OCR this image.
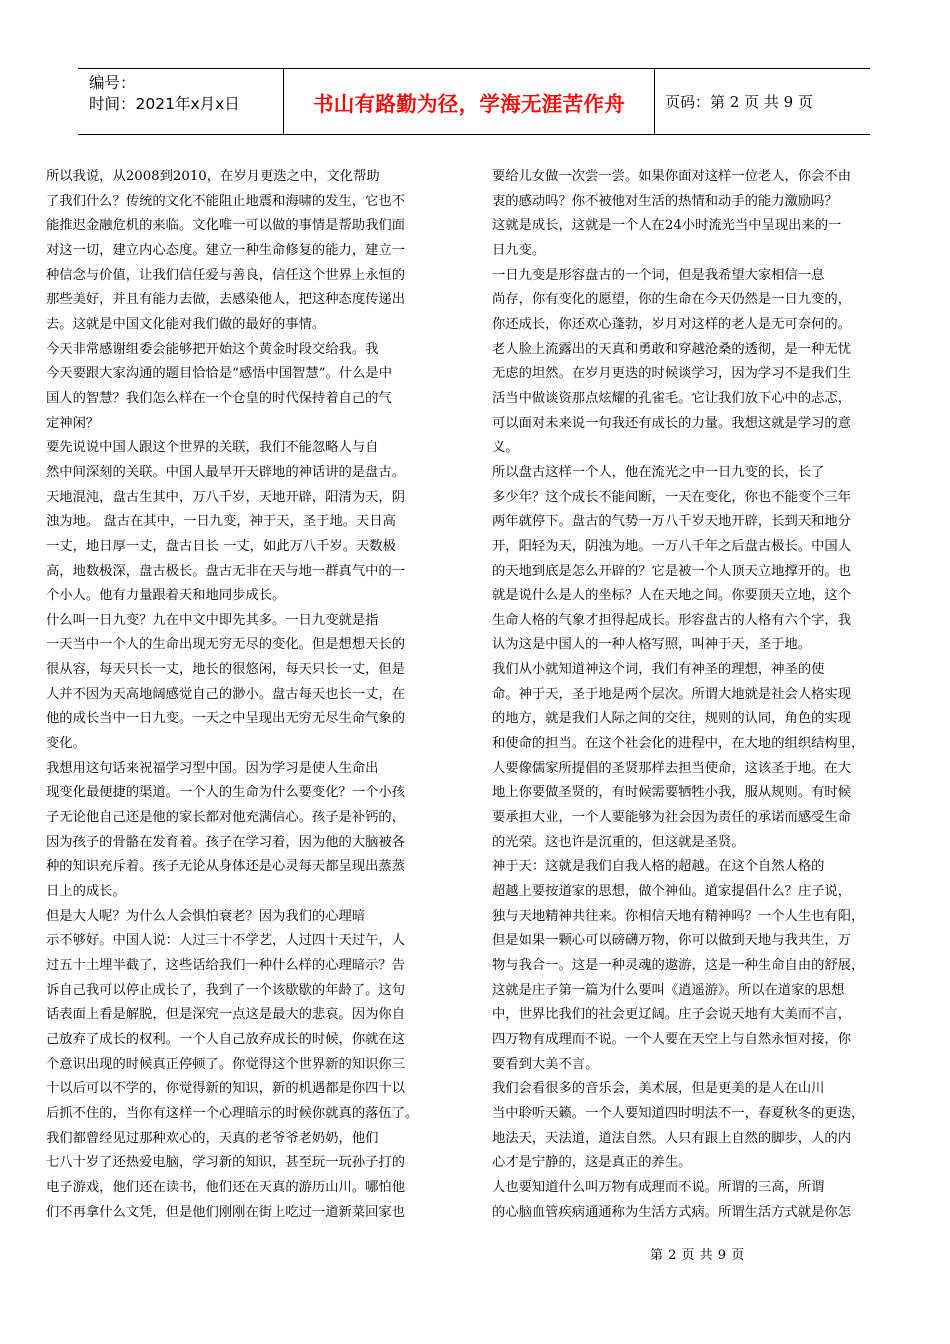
编号：
时间：2021年x月x日	书山有路勤为径，学海无涯苦作舟	页码：第 2 页 共 9 页
所以我说，从2008到2010，在岁月更迭之中，文化帮助
了我们什么？传统的文化不能阻止地震和海啸的发生，它也不
能推迟金融危机的来临。文化唯一可以做的事情是帮助我们面
对这一切，建立内心态度。建立一种生命修复的能力，建立一
种信念与价值，让我们信任爱与善良，信任这个世界上永恒的
那些美好，并且有能力去做，去感染他人，把这种态度传递出
去。这就是中国文化能对我们做的最好的事情。
今天非常感谢组委会能够把开始这个黄金时段交给我。我
今天要跟大家沟通的题目恰恰是“感悟中国智慧”。什么是中
国人的智慧？我们怎么样在一个仓皇的时代保持着自己的气
定神闲？
要先说说中国人跟这个世界的关联，我们不能忽略人与自
然中间深刻的关联。中国人最早开天辟地的神话讲的是盘古。
天地混沌，盘古生其中，万八千岁，天地开辟，阳清为天，阴
浊为地。 盘古在其中，一日九变，神于天，圣于地。天日高
一丈，地日厚一丈，盘古日长 一丈，如此万八千岁。天数极
高，地数极深，盘古极长。盘古无非在天与地一群真气中的一
个小人。他有力量跟着天和地同步成长。
什么叫一日九变？九在中文中即先其多。一日九变就是指
一天当中一个人的生命出现无穷无尽的变化。但是想想天长的
很从容，每天只长一丈，地长的很悠闲，每天只长一丈，但是
人并不因为天高地阔感觉自己的渺小。盘古每天也长一丈，在
他的成长当中一日九变。一天之中呈现出无穷无尽生命气象的
变化。
我想用这句话来祝福学习型中国。因为学习是使人生命出
现变化最便捷的渠道。一个人的生命为什么要变化？一个小孩
子无论他自己还是他的家长都对他充满信心。孩子是补钙的，
因为孩子的骨骼在发育着。孩子在学习着，因为他的大脑被各
种的知识充斥着。孩子无论从身体还是心灵每天都呈现出蒸蒸
日上的成长。
但是大人呢？为什么人会惧怕衰老？因为我们的心理暗
示不够好。中国人说：人过三十不学艺，人过四十天过午，人
过五十土埋半截了，这些话给我们一种什么样的心理暗示？告
诉自己我可以停止成长了，我到了一个该歇歇的年龄了。这句
话表面上看是解脱，但是深究一点这是最大的悲哀。因为你自
己放弃了成长的权利。一个人自己放弃成长的时候，你就在这
个意识出现的时候真正停顿了。你觉得这个世界新的知识你三
十以后可以不学的，你觉得新的知识，新的机遇都是你四十以
后抓不住的，当你有这样一个心理暗示的时候你就真的落伍了。
我们都曾经见过那种欢心的，天真的老爷爷老奶奶，他们
七八十岁了还热爱电脑，学习新的知识，甚至玩一玩孙子打的
电子游戏，他们还在读书，他们还在天真的游历山川。哪怕他
们不再拿什么文凭，但是他们刚刚在街上吃过一道新菜回家也
要给儿女做一次尝一尝。如果你面对这样一位老人，你会不由
衷的感动吗？你不被他对生活的热情和动手的能力激励吗？
这就是成长，这就是一个人在24小时流光当中呈现出来的一
日九变。
一日九变是形容盘古的一个词，但是我希望大家相信一息
尚存，你有变化的愿望，你的生命在今天仍然是一日九变的，
你还成长，你还欢心蓬勃，岁月对这样的老人是无可奈何的。
老人脸上流露出的天真和勇敢和穿越沧桑的透彻，是一种无忧
无虑的坦然。在岁月更迭的时候谈学习，因为学习不是我们生
活当中做谈资那点炫耀的孔雀毛。它让我们放下心中的忐忑，
可以面对未来说一句我还有成长的力量。我想这就是学习的意
义。
所以盘古这样一个人，他在流光之中一日九变的长，长了
多少年？这个成长不能间断，一天在变化，你也不能变个三年
两年就停下。盘古的气势一万八千岁天地开辟，长到天和地分
开，阳轻为天，阴浊为地。一万八千年之后盘古极长。中国人
的天地到底是怎么开辟的？它是被一个人顶天立地撑开的。也
就是说什么是人的坐标？人在天地之间。你要顶天立地，这个
生命人格的气象才担得起成长。形容盘古的人格有六个字，我
认为这是中国人的一种人格写照，叫神于天，圣于地。
我们从小就知道神这个词，我们有神圣的理想，神圣的使
命。神于天，圣于地是两个层次。所谓大地就是社会人格实现
的地方，就是我们人际之间的交往，规则的认同，角色的实现
和使命的担当。在这个社会化的进程中，在大地的组织结构里，
人要像儒家所提倡的圣贤那样去担当使命，这该圣于地。在大
地上你要做圣贤的，有时候需要牺牲小我，服从规则。有时候
要承担大业，一个人要能够为社会因为责任的承诺而感受生命
的光荣。这也许是沉重的，但这就是圣贤。
神于天：这就是我们自我人格的超越。在这个自然人格的
超越上要按道家的思想，做个神仙。道家提倡什么？庄子说，
独与天地精神共往来。你相信天地有精神吗？一个人生也有阳，
但是如果一颗心可以磅礴万物，你可以做到天地与我共生，万
物与我合一。这是一种灵魂的遨游，这是一种生命自由的舒展，
这就是庄子第一篇为什么要叫《逍遥游》。所以在道家的思想
中，世界比我们的社会更辽阔。庄子会说天地有大美而不言，
四万物有成理而不说。一个人要在天空上与自然永恒对接，你
要看到大美不言。
我们会看很多的音乐会，美术展，但是更美的是人在山川
当中聆听天籁。一个人要知道四时明法不一，春夏秋冬的更迭，
地法天，天法道，道法自然。人只有跟上自然的脚步，人的内
心才是宁静的，这是真正的养生。
人也要知道什么叫万物有成理而不说。所谓的三高，所谓
的心脑血管疾病通通称为生活方式病。所谓生活方式就是你怎
第 2 页 共 9 页
